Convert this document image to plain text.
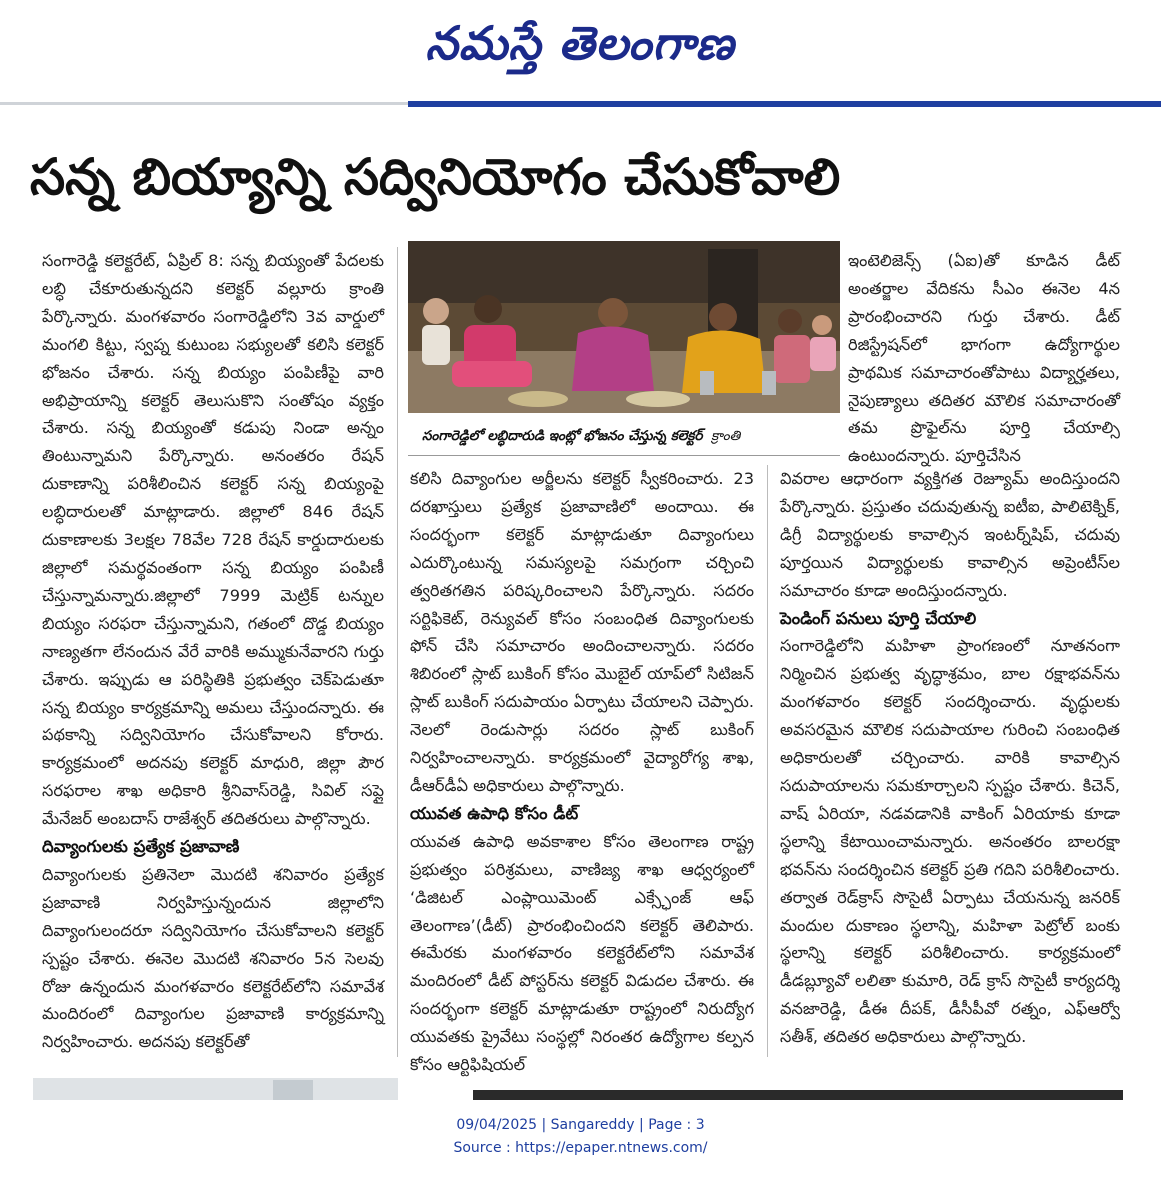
నమస్తే తెలంగాణ
సన్న బియ్యాన్ని సద్వినియోగం చేసుకోవాలి

సంగారెడ్డి కలెక్టరేట్, ఏప్రిల్ 8: సన్న బియ్యంతో పేదలకు లబ్ధి చేకూరుతున్నదని కలెక్టర్ వల్లూరు క్రాంతి పేర్కొన్నారు. మంగళవారం సంగారెడ్డిలోని 3వ వార్డులో మంగలి కిట్టు, స్వప్న కుటుంబ సభ్యులతో కలిసి కలెక్టర్ భోజనం చేశారు. సన్న బియ్యం పంపిణీపై వారి అభిప్రాయాన్ని కలెక్టర్ తెలుసుకొని సంతోషం వ్యక్తం చేశారు. సన్న బియ్యంతో కడుపు నిండా అన్నం తింటున్నామని పేర్కొన్నారు. అనంతరం రేషన్ దుకాణాన్ని పరిశీలించిన కలెక్టర్ సన్న బియ్యంపై లబ్ధిదారులతో మాట్లాడారు. జిల్లాలో 846 రేషన్ దుకాణాలకు 3లక్షల 78వేల 728 రేషన్ కార్డుదారులకు జిల్లాలో సమర్థవంతంగా సన్న బియ్యం పంపిణీ చేస్తున్నామన్నారు.జిల్లాలో 7999 మెట్రిక్ టన్నుల బియ్యం సరఫరా చేస్తున్నామని, గతంలో దొడ్డ బియ్యం నాణ్యతగా లేనందున వేరే వారికి అమ్ముకునేవారని గుర్తు చేశారు. ఇప్పుడు ఆ పరిస్థితికి ప్రభుత్వం చెక్‌పెడుతూ సన్న బియ్యం కార్యక్రమాన్ని అమలు చేస్తుందన్నారు. ఈ పథకాన్ని సద్వినియోగం చేసుకోవాలని కోరారు. కార్యక్రమంలో అదనపు కలెక్టర్ మాధురి, జిల్లా పౌర సరఫరాల శాఖ అధికారి శ్రీనివాస్‌రెడ్డి, సివిల్ సప్లై మేనేజర్ అంబదాస్ రాజేశ్వర్ తదితరులు పాల్గొన్నారు.

దివ్యాంగులకు ప్రత్యేక ప్రజావాణి

దివ్యాంగులకు ప్రతినెలా మొదటి శనివారం ప్రత్యేక ప్రజావాణి నిర్వహిస్తున్నందున జిల్లాలోని దివ్యాంగులందరూ సద్వినియోగం చేసుకోవాలని కలెక్టర్ స్పష్టం చేశారు. ఈనెల మొదటి శనివారం 5న సెలవు రోజు ఉన్నందున మంగళవారం కలెక్టరేట్‌లోని సమావేశ మందిరంలో దివ్యాంగుల ప్రజావాణి కార్యక్రమాన్ని నిర్వహించారు. అదనపు కలెక్టర్‌తో

సంగారెడ్డిలో లబ్ధిదారుడి ఇంట్లో భోజనం చేస్తున్న కలెక్టర్ క్రాంతి

కలిసి దివ్యాంగుల అర్జీలను కలెక్టర్ స్వీకరించారు. 23 దరఖాస్తులు ప్రత్యేక ప్రజావాణిలో అందాయి. ఈ సందర్భంగా కలెక్టర్ మాట్లాడుతూ దివ్యాంగులు ఎదుర్కొంటున్న సమస్యలపై సమగ్రంగా చర్చించి త్వరితగతిన పరిష్కరించాలని పేర్కొన్నారు. సదరం సర్టిఫికెట్, రెన్యువల్ కోసం సంబంధిత దివ్యాంగులకు ఫోన్ చేసి సమాచారం అందించాలన్నారు. సదరం శిబిరంలో స్లాట్ బుకింగ్ కోసం మొబైల్ యాప్‌లో సిటిజన్ స్లాట్ బుకింగ్ సదుపాయం ఏర్పాటు చేయాలని చెప్పారు. నెలలో రెండుసార్లు సదరం స్లాట్ బుకింగ్ నిర్వహించాలన్నారు. కార్యక్రమంలో వైద్యారోగ్య శాఖ, డీఆర్‌డీఏ అధికారులు పాల్గొన్నారు.

యువత ఉపాధి కోసం డీట్

యువత ఉపాధి అవకాశాల కోసం తెలంగాణ రాష్ట్ర ప్రభుత్వం పరిశ్రమలు, వాణిజ్య శాఖ ఆధ్వర్యంలో ‘డిజిటల్ ఎంప్లాయిమెంట్ ఎక్స్ఛేంజ్ ఆఫ్ తెలంగాణ’(డీట్) ప్రారంభించిందని కలెక్టర్ తెలిపారు. ఈమేరకు మంగళవారం కలెక్టరేట్‌లోని సమావేశ మందిరంలో డీట్ పోస్టర్‌ను కలెక్టర్ విడుదల చేశారు. ఈ సందర్భంగా కలెక్టర్ మాట్లాడుతూ రాష్ట్రంలో నిరుద్యోగ యువతకు ప్రైవేటు సంస్థల్లో నిరంతర ఉద్యోగాల కల్పన కోసం ఆర్టిఫిషియల్

ఇంటెలిజెన్స్ (ఏఐ)తో కూడిన డీట్ అంతర్జాల వేదికను సీఎం ఈనెల 4న ప్రారంభించారని గుర్తు చేశారు. డీట్ రిజిస్ట్రేషన్‌లో భాగంగా ఉద్యోగార్థుల ప్రాథమిక సమాచారంతోపాటు విద్యార్హతలు, నైపుణ్యాలు తదితర మౌలిక సమాచారంతో తమ ప్రొఫైల్‌ను పూర్తి చేయాల్సి ఉంటుందన్నారు. పూర్తిచేసిన

వివరాల ఆధారంగా వ్యక్తిగత రెజ్యూమ్ అందిస్తుందని పేర్కొన్నారు. ప్రస్తుతం చదువుతున్న ఐటీఐ, పాలిటెక్నిక్, డిగ్రీ విద్యార్థులకు కావాల్సిన ఇంటర్న్‌షిప్, చదువు పూర్తయిన విద్యార్థులకు కావాల్సిన అప్రెంటీస్‌ల సమాచారం కూడా అందిస్తుందన్నారు.

పెండింగ్ పనులు పూర్తి చేయాలి

సంగారెడ్డిలోని మహిళా ప్రాంగణంలో నూతనంగా నిర్మించిన ప్రభుత్వ వృద్ధాశ్రమం, బాల రక్షాభవన్‌ను మంగళవారం కలెక్టర్ సందర్శించారు. వృద్ధులకు అవసరమైన మౌలిక సదుపాయాల గురించి సంబంధిత అధికారులతో చర్చించారు. వారికి కావాల్సిన సదుపాయాలను సమకూర్చాలని స్పష్టం చేశారు. కిచెన్, వాష్ ఏరియా, నడవడానికి వాకింగ్ ఏరియాకు కూడా స్థలాన్ని కేటాయించామన్నారు. అనంతరం బాలరక్షా భవన్‌ను సందర్శించిన కలెక్టర్ ప్రతి గదిని పరిశీలించారు. తర్వాత రెడ్‌క్రాస్ సొసైటీ ఏర్పాటు చేయనున్న జనరిక్ మందుల దుకాణం స్థలాన్ని, మహిళా పెట్రోల్ బంకు స్థలాన్ని కలెక్టర్ పరిశీలించారు. కార్యక్రమంలో డీడబ్ల్యూవో లలితా కుమారి, రెడ్ క్రాస్ సొసైటీ కార్యదర్శి వనజారెడ్డి, డీఈ దీపక్, డీసీపీవో రత్నం, ఎఫ్ఆర్వో సతీశ్, తదితర అధికారులు పాల్గొన్నారు.

09/04/2025 | Sangareddy | Page : 3
Source : https://epaper.ntnews.com/
